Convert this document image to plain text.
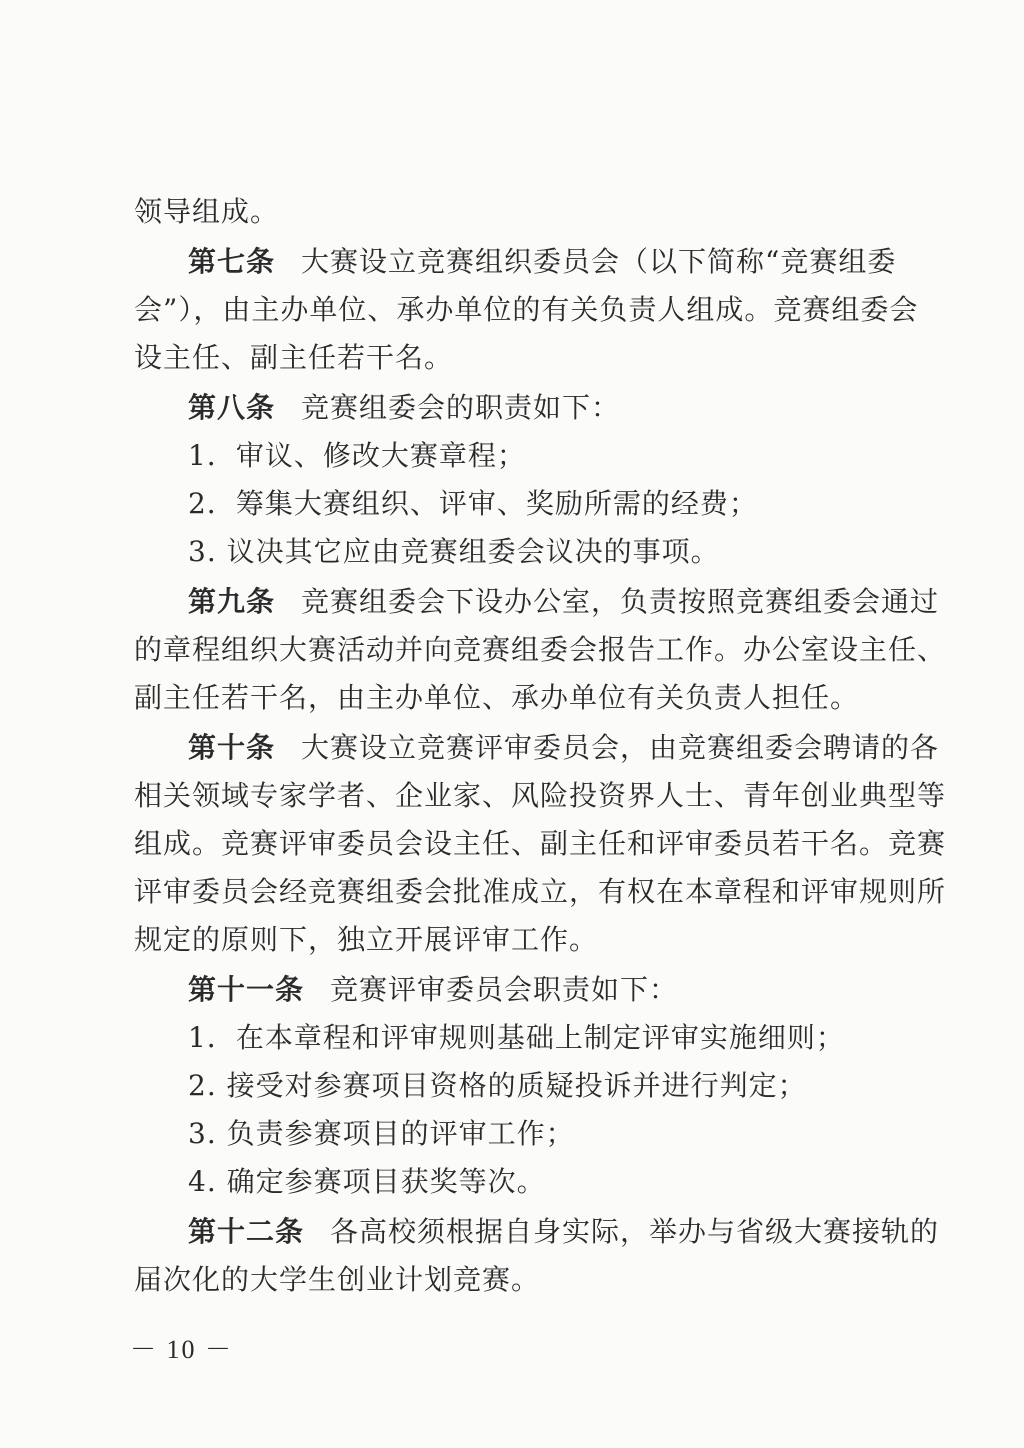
领导组成。
第七条 大赛设立竞赛组织委员会（以下简称“竞赛组委
会”），由主办单位、承办单位的有关负责人组成。竞赛组委会
设主任、副主任若干名。
第八条 竞赛组委会的职责如下：
1．审议、修改大赛章程；
2．筹集大赛组织、评审、奖励所需的经费；
3. 议决其它应由竞赛组委会议决的事项。
第九条 竞赛组委会下设办公室，负责按照竞赛组委会通过
的章程组织大赛活动并向竞赛组委会报告工作。办公室设主任、
副主任若干名，由主办单位、承办单位有关负责人担任。
第十条 大赛设立竞赛评审委员会，由竞赛组委会聘请的各
相关领域专家学者、企业家、风险投资界人士、青年创业典型等
组成。竞赛评审委员会设主任、副主任和评审委员若干名。竞赛
评审委员会经竞赛组委会批准成立，有权在本章程和评审规则所
规定的原则下，独立开展评审工作。
第十一条 竞赛评审委员会职责如下：
1．在本章程和评审规则基础上制定评审实施细则；
2. 接受对参赛项目资格的质疑投诉并进行判定；
3. 负责参赛项目的评审工作；
4. 确定参赛项目获奖等次。
第十二条 各高校须根据自身实际，举办与省级大赛接轨的
届次化的大学生创业计划竞赛。
－ 10 －
